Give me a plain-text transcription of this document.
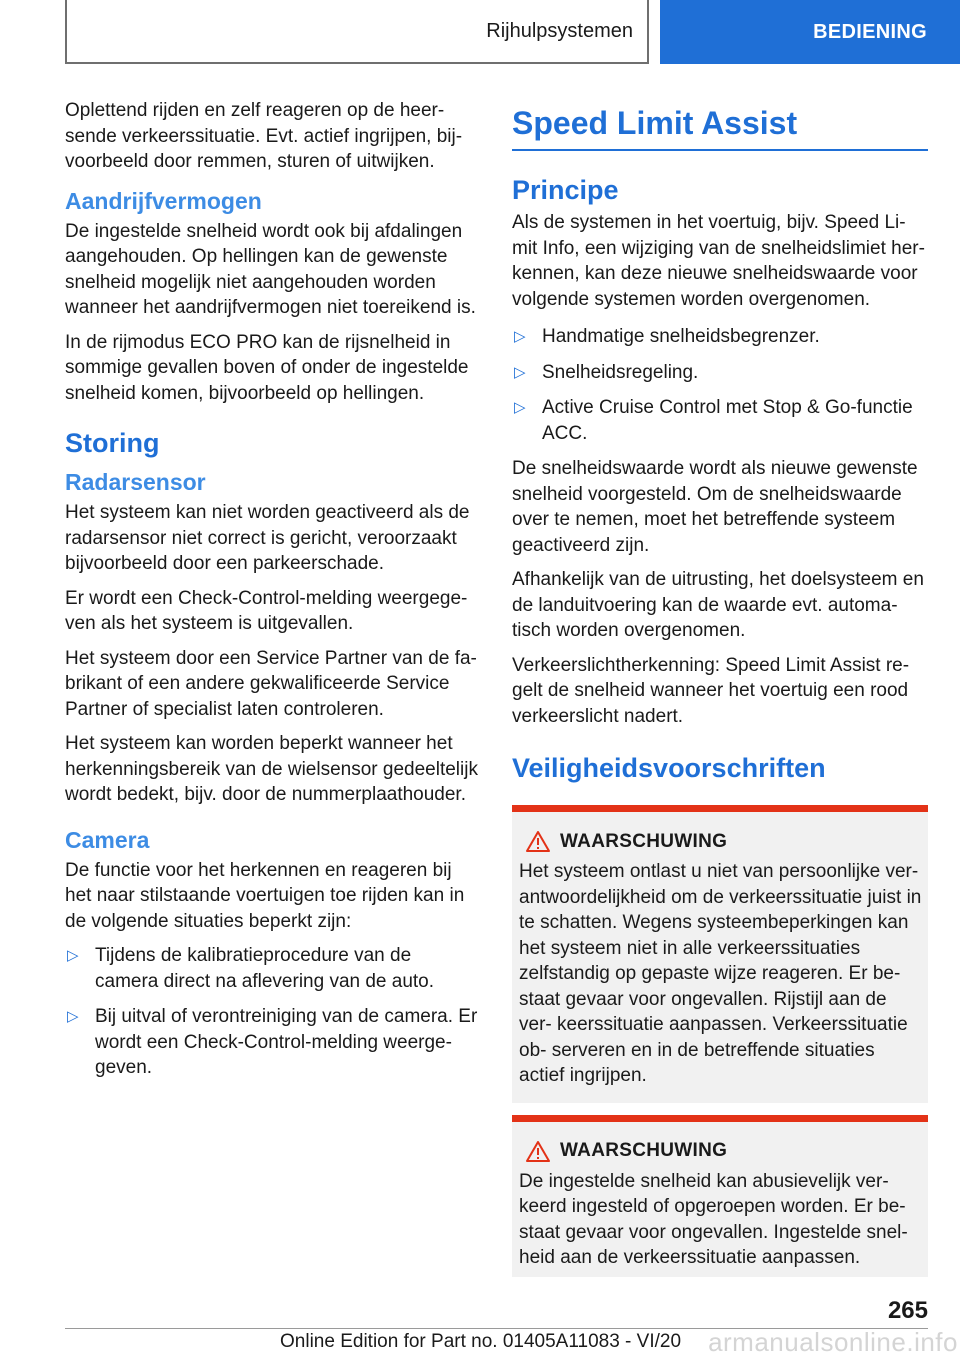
Rijhulpsystemen	BEDIENING

Oplettend rijden en zelf reageren op de heer- sende verkeerssituatie. Evt. actief ingrijpen, bij- voorbeeld door remmen, sturen of uitwijken.

Aandrijfvermogen

De ingestelde snelheid wordt ook bij afdalingen aangehouden. Op hellingen kan de gewenste snelheid mogelijk niet aangehouden worden wanneer het aandrijfvermogen niet toereikend is.

In de rijmodus ECO PRO kan de rijsnelheid in sommige gevallen boven of onder de ingestelde snelheid komen, bijvoorbeeld op hellingen.

Storing
Radarsensor

Het systeem kan niet worden geactiveerd als de radarsensor niet correct is gericht, veroorzaakt bijvoorbeeld door een parkeerschade.

Er wordt een Check-Control-melding weergege- ven als het systeem is uitgevallen.

Het systeem door een Service Partner van de fa- brikant of een andere gekwalificeerde Service Partner of specialist laten controleren.

Het systeem kan worden beperkt wanneer het herkenningsbereik van de wielsensor gedeeltelijk wordt bedekt, bijv. door de nummerplaathouder.

Camera

De functie voor het herkennen en reageren bij het naar stilstaande voertuigen toe rijden kan in de volgende situaties beperkt zijn:

▷ Tijdens de kalibratieprocedure van de camera direct na aflevering van de auto.
▷ Bij uitval of verontreiniging van de camera. Er wordt een Check-Control-melding weerge- geven.
Speed Limit Assist
Principe

Als de systemen in het voertuig, bijv. Speed Li- mit Info, een wijziging van de snelheidslimiet her- kennen, kan deze nieuwe snelheidswaarde voor volgende systemen worden overgenomen.

▷ Handmatige snelheidsbegrenzer.
▷ Snelheidsregeling.
▷ Active Cruise Control met Stop & Go-functie ACC.

De snelheidswaarde wordt als nieuwe gewenste snelheid voorgesteld. Om de snelheidswaarde over te nemen, moet het betreffende systeem geactiveerd zijn.

Afhankelijk van de uitrusting, het doelsysteem en de landuitvoering kan de waarde evt. automa- tisch worden overgenomen.

Verkeerslichtherkenning: Speed Limit Assist re- gelt de snelheid wanneer het voertuig een rood verkeerslicht nadert.

Veiligheidsvoorschriften
WAARSCHUWING

Het systeem ontlast u niet van persoonlijke ver- antwoordelijkheid om de verkeerssituatie juist in te schatten. Wegens systeembeperkingen kan het systeem niet in alle verkeerssituaties zelfstandig op gepaste wijze reageren. Er be- staat gevaar voor ongevallen. Rijstijl aan de ver- keerssituatie aanpassen. Verkeerssituatie ob- serveren en in de betreffende situaties actief ingrijpen.

WAARSCHUWING

De ingestelde snelheid kan abusievelijk ver- keerd ingesteld of opgeroepen worden. Er be- staat gevaar voor ongevallen. Ingestelde snel- heid aan de verkeerssituatie aanpassen.

265
Online Edition for Part no. 01405A11083 - VI/20 armanualsonline.info
